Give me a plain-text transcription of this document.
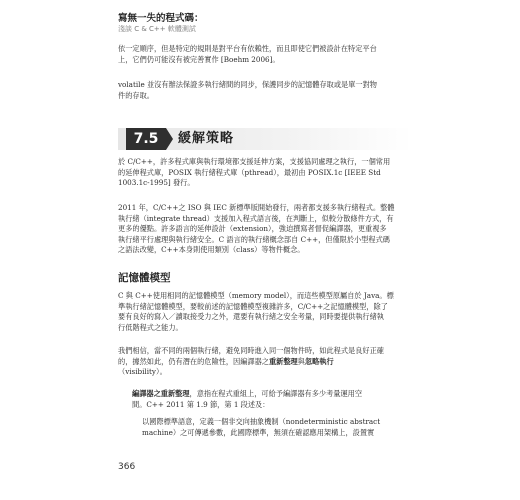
寫無一失的程式碼：
淺談 C & C++ 軟體測試

依一定順序，但是特定的規則是對平台有依賴性，而且即使它們被設計在特定平台
上，它們仍可能沒有被完善實作 [Boehm 2006]。

volatile 並沒有辦法保證多執行緒間的同步，保護同步的記憶體存取或是單一對物
件的存取。

7.5	緩解策略

於 C/C++，許多程式庫與執行環境都支援延伸方案，支援協同處理之執行，一個常用
的延伸程式庫，POSIX 執行緒程式庫（pthread），最初由 POSIX.1c [IEEE Std
1003.1c-1995] 發行。

2011 年，C/C++之 ISO 與 IEC 新標準版開始發行，兩者都支援多執行緒程式。整體
執行緒（integrate thread）支援加入程式語言後，在判斷上，似較分散條件方式，有
更多的優點。許多語言的延伸設計（extension），強迫撰寫者督促編譯器，更重視多
執行緒平行處理與執行緒安全。C 語言的執行緒概念部自 C++，但僅限於小型程式碼
之語法改變，C++本身則使用類別（class）等物件概念。

記憶體模型

C 與 C++使用相同的記憶體模型（memory model），而這些模型原屬自於 Java。標
準執行緒記憶體模型，要較前述的記憶體模型複雜許多，C/C++之記憶體模型，除了
要有良好的寫入／讀取接受力之外，還要有執行緒之安全考量，同時要提供執行緒執
行低階程式之能力。

我們相信，當不同的兩個執行緒，避免同時進入同一個物件時，如此程式是良好正確
的，據然如此，仍有潛在的危險性，因編譯器之重新整理與忽略執行
（visibility）。

編譯器之重新整理，意指在程式重組上，可給予編譯器有多少考量運用空
間。C++ 2011 第 1.9 節，第 1 段述及：
以國際標準語意，定義一個非交向抽象機制（nondeterministic abstract
machine）之可傳遞參數，此國際標準，無須在確認應用架構上，設置實
366
